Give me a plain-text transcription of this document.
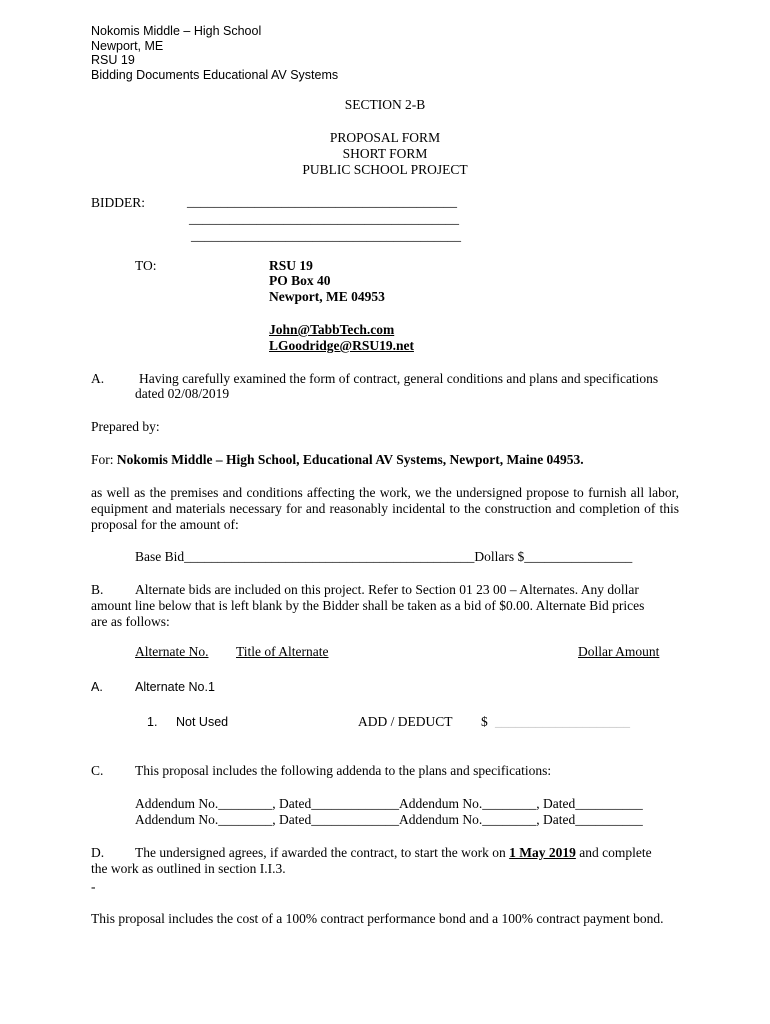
Nokomis Middle – High School
Newport, ME
RSU 19
Bidding Documents Educational AV Systems
SECTION 2-B
PROPOSAL FORM
SHORT FORM
PUBLIC SCHOOL PROJECT
BIDDER:	________________________________________
________________________________________
________________________________________
TO:	RSU 19
PO Box 40
Newport, ME 04953
John@TabbTech.com
LGoodridge@RSU19.net
A.	Having carefully examined the form of contract, general conditions and plans and specifications
dated 02/08/2019
Prepared by:
For: Nokomis Middle – High School, Educational AV Systems, Newport, Maine 04953.
as well as the premises and conditions affecting the work, we the undersigned propose to furnish all labor, equipment and materials necessary for and reasonably incidental to the construction and completion of this proposal for the amount of:
Base Bid___________________________________________Dollars $________________
B. Alternate bids are included on this project. Refer to Section 01 23 00 – Alternates. Any dollar
amount line below that is left blank by the Bidder shall be taken as a bid of $0.00. Alternate Bid prices
are as follows:
Alternate No. Title of Alternate	Dollar Amount
A.	Alternate No.1
1. Not Used	ADD / DEDUCT $ ____________________
C. This proposal includes the following addenda to the plans and specifications:
Addendum No.________, Dated_____________Addendum No.________, Dated__________
Addendum No.________, Dated_____________Addendum No.________, Dated__________
D. The undersigned agrees, if awarded the contract, to start the work on 1 May 2019 and complete
the work as outlined in section I.I.3.
-
This proposal includes the cost of a 100% contract performance bond and a 100% contract payment bond.
